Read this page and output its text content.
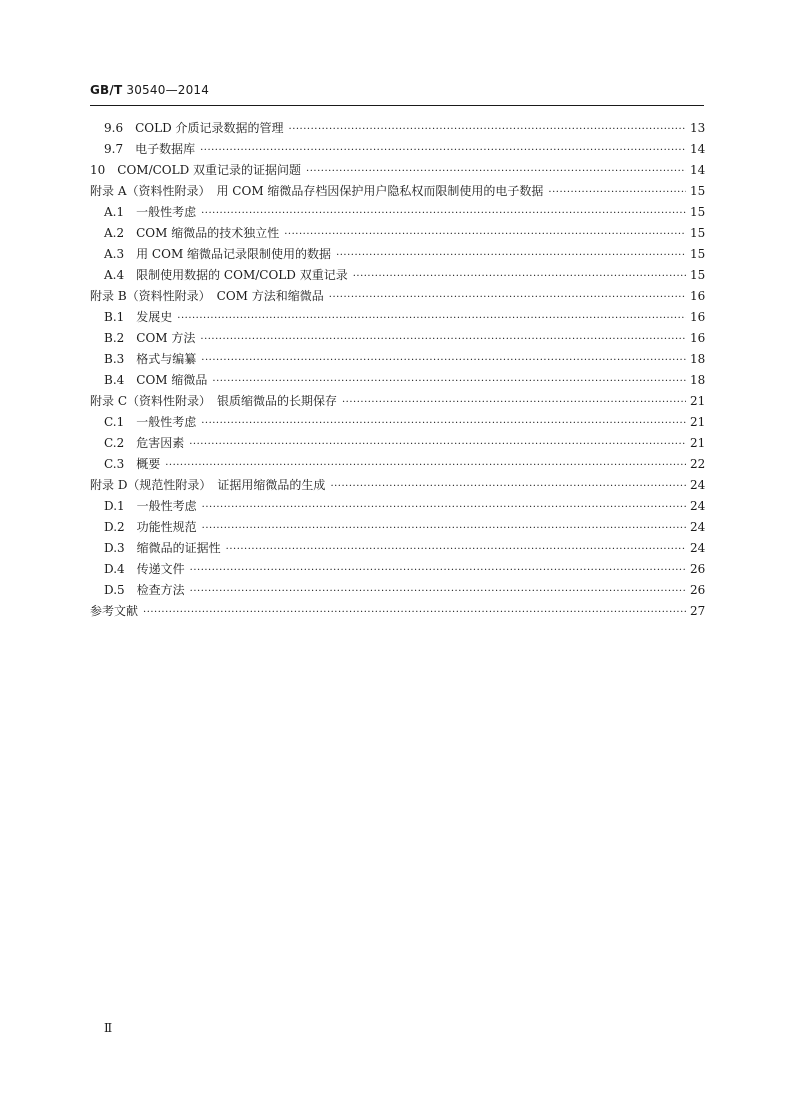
GB/T 30540—2014
9.6　COLD 介质记录数据的管理 ·····	13
9.7　电子数据库 ·····	14
10　COM/COLD 双重记录的证据问题 ·····	14
附录 A（资料性附录）　用 COM 缩微品存档因保护用户隐私权而限制使用的电子数据 ·····	15
A.1　一般性考虑 ·····	15
A.2　COM 缩微品的技术独立性 ·····	15
A.3　用 COM 缩微品记录限制使用的数据 ·····	15
A.4　限制使用数据的 COM/COLD 双重记录 ·····	15
附录 B（资料性附录）　COM 方法和缩微品 ·····	16
B.1　发展史 ·····	16
B.2　COM 方法 ·····	16
B.3　格式与编纂 ·····	18
B.4　COM 缩微品 ·····	18
附录 C（资料性附录）　银质缩微品的长期保存 ·····	21
C.1　一般性考虑 ·····	21
C.2　危害因素 ·····	21
C.3　概要 ·····	22
附录 D（规范性附录）　证据用缩微品的生成 ·····	24
D.1　一般性考虑 ·····	24
D.2　功能性规范 ·····	24
D.3　缩微品的证据性 ·····	24
D.4　传递文件 ·····	26
D.5　检查方法 ·····	26
参考文献 ·····	27
Ⅱ
